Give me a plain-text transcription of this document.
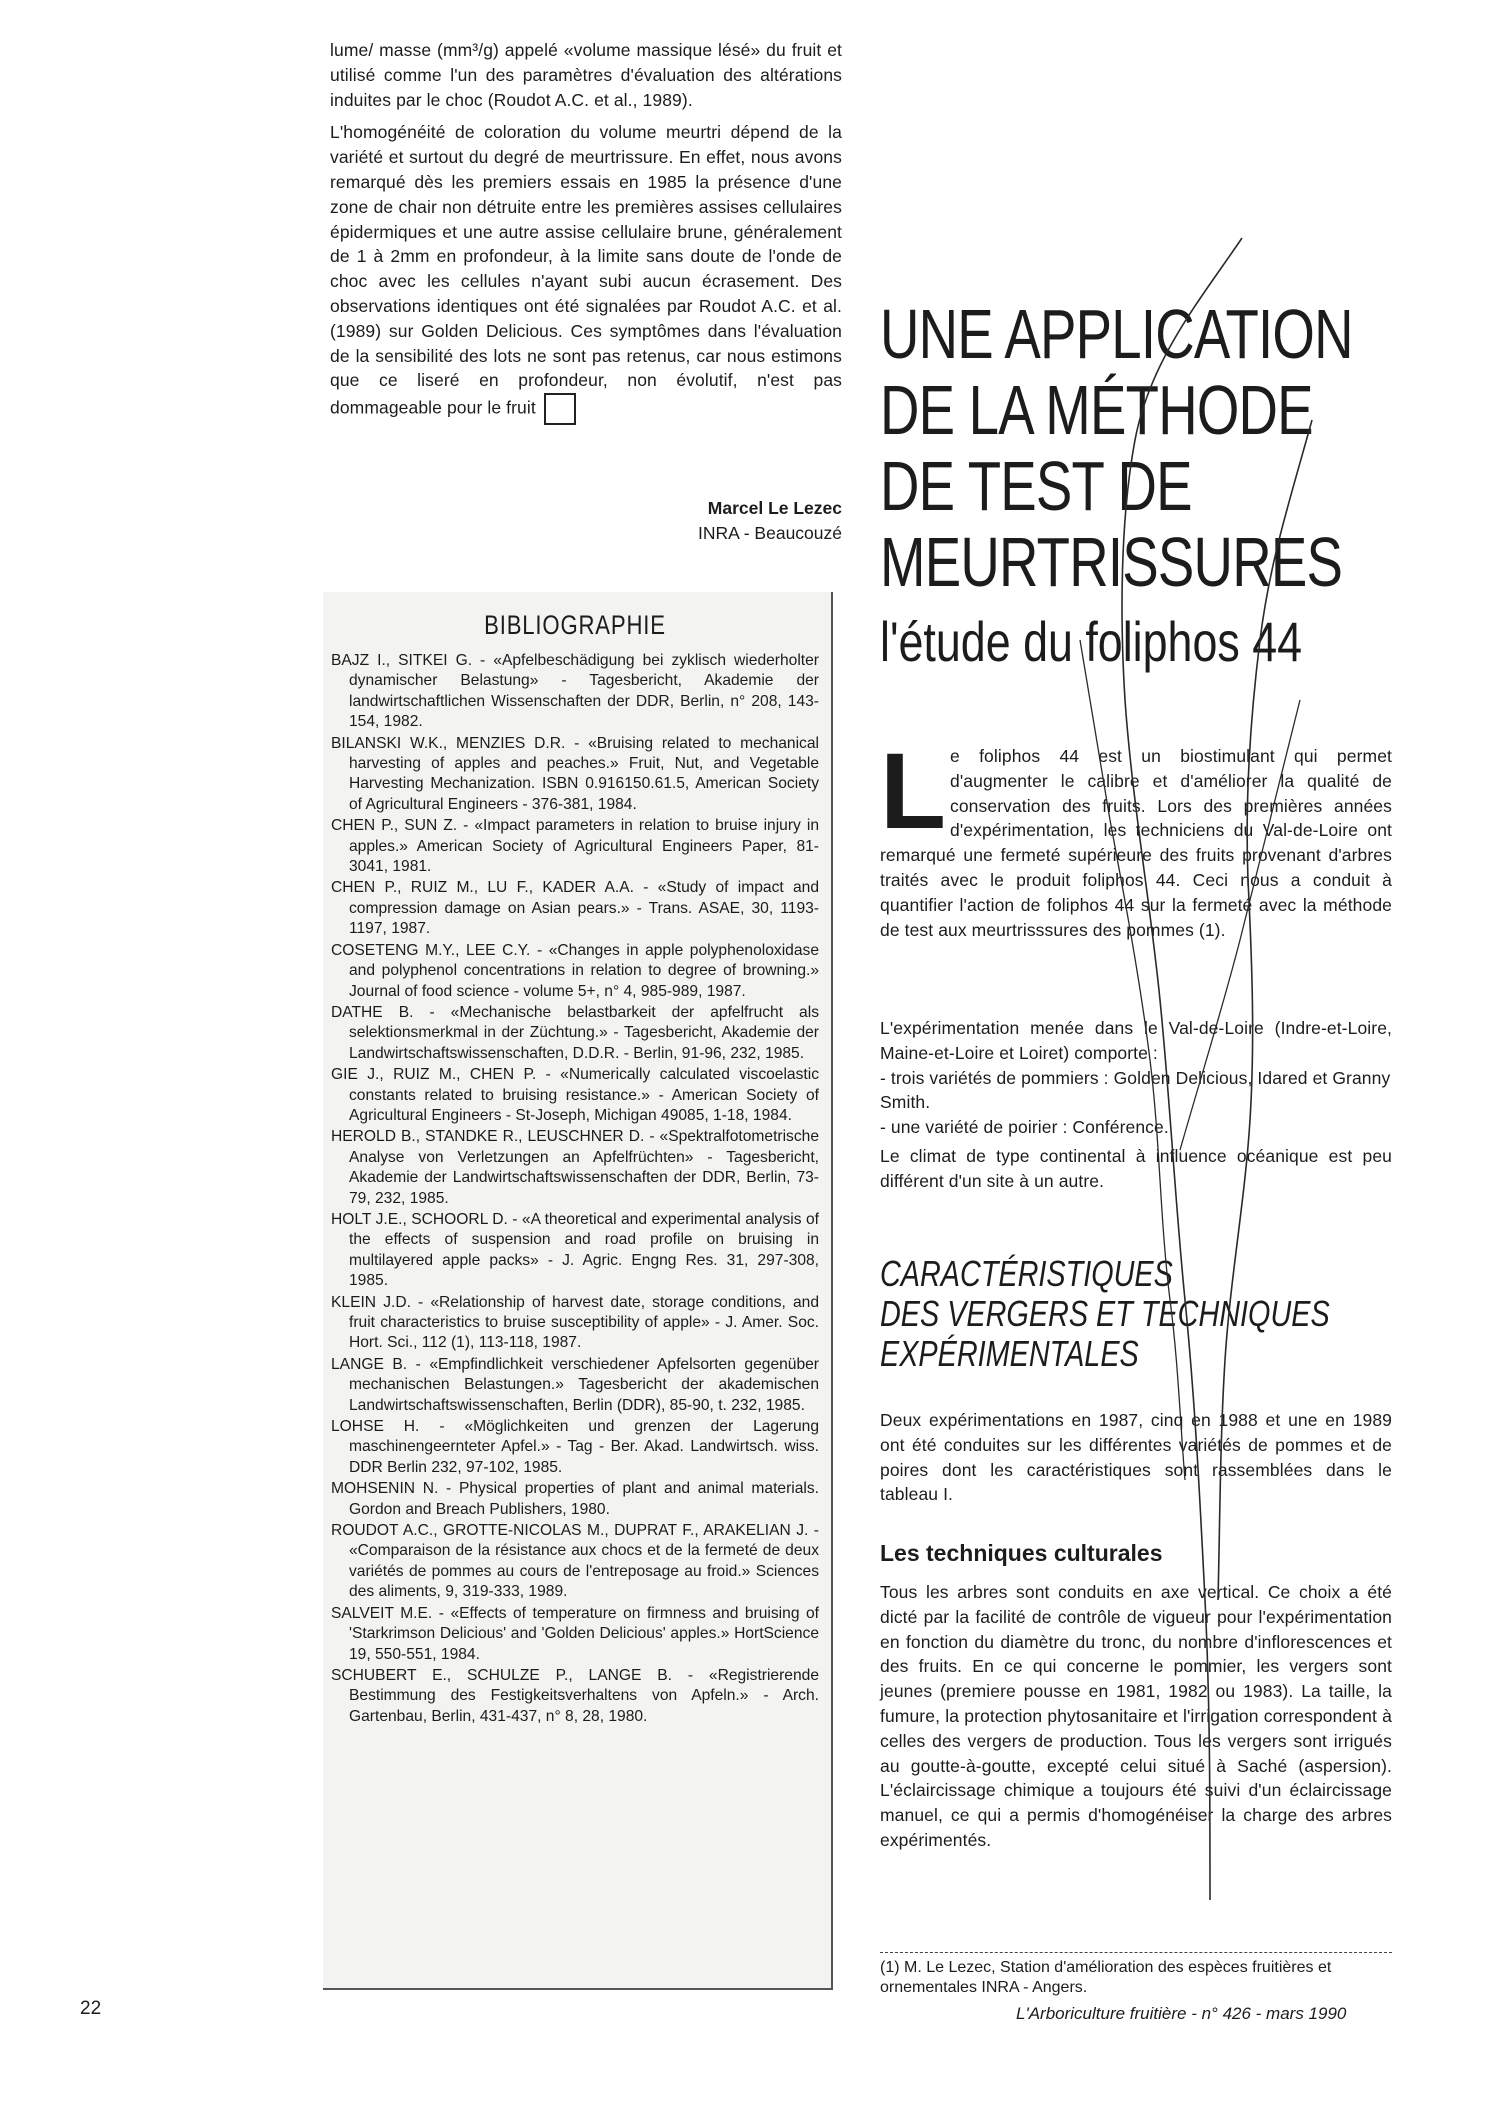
lume/ masse (mm³/g) appelé «volume massique lésé» du fruit et utilisé comme l'un des paramètres d'évaluation des altérations induites par le choc (Roudot A.C. et al., 1989).

L'homogénéité de coloration du volume meurtri dépend de la variété et surtout du degré de meurtrissure. En effet, nous avons remarqué dès les premiers essais en 1985 la présence d'une zone de chair non détruite entre les premières assises cellulaires épidermiques et une autre assise cellulaire brune, généralement de 1 à 2mm en profondeur, à la limite sans doute de l'onde de choc avec les cellules n'ayant subi aucun écrasement. Des observations identiques ont été signalées par Roudot A.C. et al. (1989) sur Golden Delicious. Ces symptômes dans l'évaluation de la sensibilité des lots ne sont pas retenus, car nous estimons que ce liseré en profondeur, non évolutif, n'est pas dommageable pour le fruit

Marcel Le Lezec
INRA - Beaucouzé
BIBLIOGRAPHIE
BAJZ I., SITKEI G. - «Apfelbeschädigung bei zyklisch wiederholter dynamischer Belastung» - Tagesbericht, Akademie der landwirtschaftlichen Wissenschaften der DDR, Berlin, n° 208, 143-154, 1982.
BILANSKI W.K., MENZIES D.R. - «Bruising related to mechanical harvesting of apples and peaches.» Fruit, Nut, and Vegetable Harvesting Mechanization. ISBN 0.916150.61.5, American Society of Agricultural Engineers - 376-381, 1984.
CHEN P., SUN Z. - «Impact parameters in relation to bruise injury in apples.» American Society of Agricultural Engineers Paper, 81-3041, 1981.
CHEN P., RUIZ M., LU F., KADER A.A. - «Study of impact and compression damage on Asian pears.» - Trans. ASAE, 30, 1193-1197, 1987.
COSETENG M.Y., LEE C.Y. - «Changes in apple polyphenoloxidase and polyphenol concentrations in relation to degree of browning.» Journal of food science - volume 5+, n° 4, 985-989, 1987.
DATHE B. - «Mechanische belastbarkeit der apfelfrucht als selektionsmerkmal in der Züchtung.» - Tagesbericht, Akademie der Landwirtschaftswissenschaften, D.D.R. - Berlin, 91-96, 232, 1985.
GIE J., RUIZ M., CHEN P. - «Numerically calculated viscoelastic constants related to bruising resistance.» - American Society of Agricultural Engineers - St-Joseph, Michigan 49085, 1-18, 1984.
HEROLD B., STANDKE R., LEUSCHNER D. - «Spektralfotometrische Analyse von Verletzungen an Apfelfrüchten» - Tagesbericht, Akademie der Landwirtschaftswissenschaften der DDR, Berlin, 73-79, 232, 1985.
HOLT J.E., SCHOORL D. - «A theoretical and experimental analysis of the effects of suspension and road profile on bruising in multilayered apple packs» - J. Agric. Engng Res. 31, 297-308, 1985.
KLEIN J.D. - «Relationship of harvest date, storage conditions, and fruit characteristics to bruise susceptibility of apple» - J. Amer. Soc. Hort. Sci., 112 (1), 113-118, 1987.
LANGE B. - «Empfindlichkeit verschiedener Apfelsorten gegenüber mechanischen Belastungen.» Tagesbericht der akademischen Landwirtschaftswissenschaften, Berlin (DDR), 85-90, t. 232, 1985.
LOHSE H. - «Möglichkeiten und grenzen der Lagerung maschinengeernteter Apfel.» - Tag - Ber. Akad. Landwirtsch. wiss. DDR Berlin 232, 97-102, 1985.
MOHSENIN N. - Physical properties of plant and animal materials. Gordon and Breach Publishers, 1980.
ROUDOT A.C., GROTTE-NICOLAS M., DUPRAT F., ARAKELIAN J. - «Comparaison de la résistance aux chocs et de la fermeté de deux variétés de pommes au cours de l'entreposage au froid.» Sciences des aliments, 9, 319-333, 1989.
SALVEIT M.E. - «Effects of temperature on firmness and bruising of 'Starkrimson Delicious' and 'Golden Delicious' apples.» HortScience 19, 550-551, 1984.
SCHUBERT E., SCHULZE P., LANGE B. - «Registrierende Bestimmung des Festigkeitsverhaltens von Apfeln.» - Arch. Gartenbau, Berlin, 431-437, n° 8, 28, 1980.
UNE APPLICATION
DE LA MÉTHODE
DE TEST DE
MEURTRISSURES
l'étude du foliphos 44
L e foliphos 44 est un biostimulant qui permet d'augmenter le calibre et d'améliorer la qualité de conservation des fruits. Lors des premières années d'expérimentation, les techniciens du Val-de-Loire ont remarqué une fermeté supérieure des fruits provenant d'arbres traités avec le produit foliphos 44. Ceci nous a conduit à quantifier l'action de foliphos 44 sur la fermeté avec la méthode de test aux meurtrisssures des pommes (1).

L'expérimentation menée dans le Val-de-Loire (Indre-et-Loire, Maine-et-Loire et Loiret) comporte :

- trois variétés de pommiers : Golden Delicious, Idared et Granny Smith.

- une variété de poirier : Conférence.

Le climat de type continental à influence océanique est peu différent d'un site à un autre.

CARACTÉRISTIQUES
DES VERGERS ET TECHNIQUES
EXPÉRIMENTALES
Deux expérimentations en 1987, cinq en 1988 et une en 1989 ont été conduites sur les différentes variétés de pommes et de poires dont les caractéristiques sont rassemblées dans le tableau I.
Les techniques culturales
Tous les arbres sont conduits en axe vertical. Ce choix a été dicté par la facilité de contrôle de vigueur pour l'expérimentation en fonction du diamètre du tronc, du nombre d'inflorescences et des fruits. En ce qui concerne le pommier, les vergers sont jeunes (premiere pousse en 1981, 1982 ou 1983). La taille, la fumure, la protection phytosanitaire et l'irrigation correspondent à celles des vergers de production. Tous les vergers sont irrigués au goutte-à-goutte, excepté celui situé à Saché (aspersion). L'éclaircissage chimique a toujours été suivi d'un éclaircissage manuel, ce qui a permis d'homogénéiser la charge des arbres expérimentés.
(1) M. Le Lezec, Station d'amélioration des espèces fruitières et ornementales INRA - Angers.
L'Arboriculture fruitière - n° 426 - mars 1990
22
